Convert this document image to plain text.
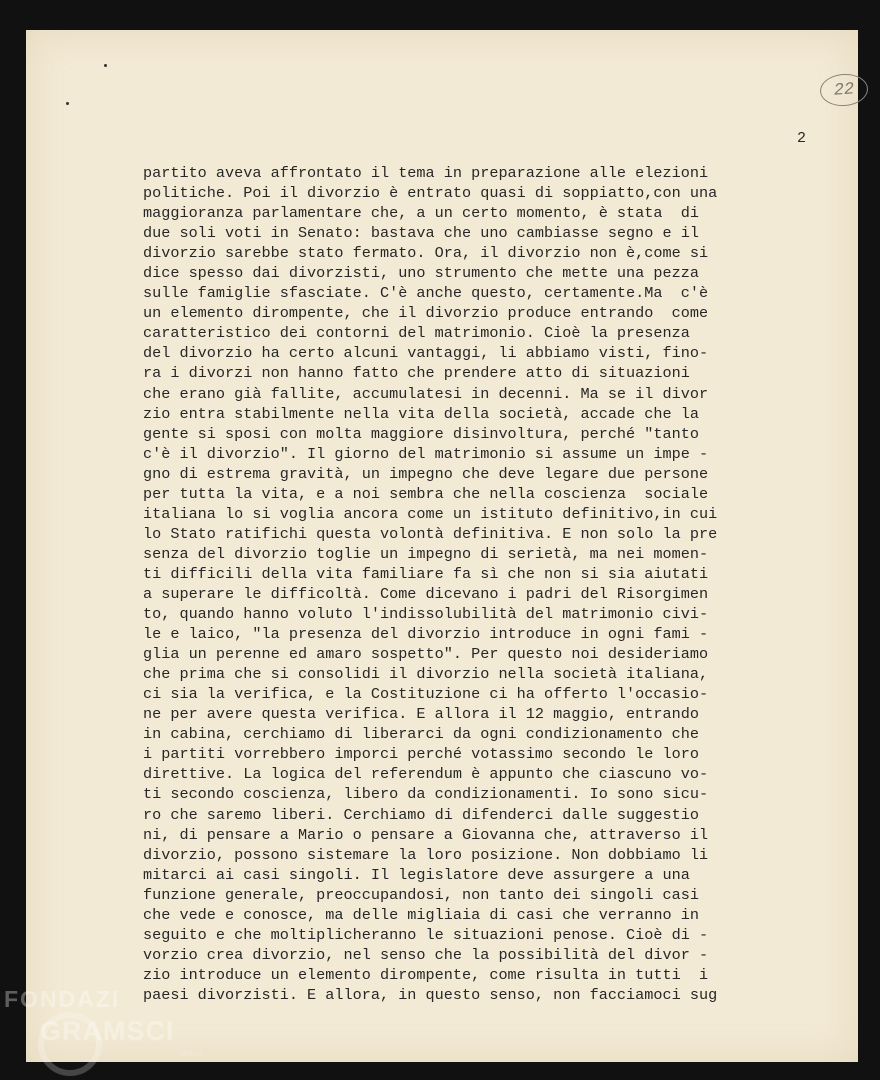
22
2
partito aveva affrontato il tema in preparazione alle elezioni
politiche. Poi il divorzio è entrato quasi di soppiatto,con una
maggioranza parlamentare che, a un certo momento, è stata  di
due soli voti in Senato: bastava che uno cambiasse segno e il
divorzio sarebbe stato fermato. Ora, il divorzio non è,come si
dice spesso dai divorzisti, uno strumento che mette una pezza
sulle famiglie sfasciate. C'è anche questo, certamente.Ma  c'è
un elemento dirompente, che il divorzio produce entrando  come
caratteristico dei contorni del matrimonio. Cioè la presenza
del divorzio ha certo alcuni vantaggi, li abbiamo visti, fino-
ra i divorzi non hanno fatto che prendere atto di situazioni
che erano già fallite, accumulatesi in decenni. Ma se il divor
zio entra stabilmente nella vita della società, accade che la
gente si sposi con molta maggiore disinvoltura, perché "tanto
c'è il divorzio". Il giorno del matrimonio si assume un impe -
gno di estrema gravità, un impegno che deve legare due persone
per tutta la vita, e a noi sembra che nella coscienza  sociale
italiana lo si voglia ancora come un istituto definitivo,in cui
lo Stato ratifichi questa volontà definitiva. E non solo la pre
senza del divorzio toglie un impegno di serietà, ma nei momen-
ti difficili della vita familiare fa sì che non si sia aiutati
a superare le difficoltà. Come dicevano i padri del Risorgimen
to, quando hanno voluto l'indissolubilità del matrimonio civi-
le e laico, "la presenza del divorzio introduce in ogni fami -
glia un perenne ed amaro sospetto". Per questo noi desideriamo
che prima che si consolidi il divorzio nella società italiana,
ci sia la verifica, e la Costituzione ci ha offerto l'occasio-
ne per avere questa verifica. E allora il 12 maggio, entrando
in cabina, cerchiamo di liberarci da ogni condizionamento che
i partiti vorrebbero imporci perché votassimo secondo le loro
direttive. La logica del referendum è appunto che ciascuno vo-
ti secondo coscienza, libero da condizionamenti. Io sono sicu-
ro che saremo liberi. Cerchiamo di difenderci dalle suggestio
ni, di pensare a Mario o pensare a Giovanna che, attraverso il
divorzio, possono sistemare la loro posizione. Non dobbiamo li
mitarci ai casi singoli. Il legislatore deve assurgere a una
funzione generale, preoccupandosi, non tanto dei singoli casi
che vede e conosce, ma delle migliaia di casi che verranno in
seguito e che moltiplicheranno le situazioni penose. Cioè di -
vorzio crea divorzio, nel senso che la possibilità del divor -
zio introduce un elemento dirompente, come risulta in tutti  i
paesi divorzisti. E allora, in questo senso, non facciamoci sug
FONDAZI
GRAMSCI
onlus
